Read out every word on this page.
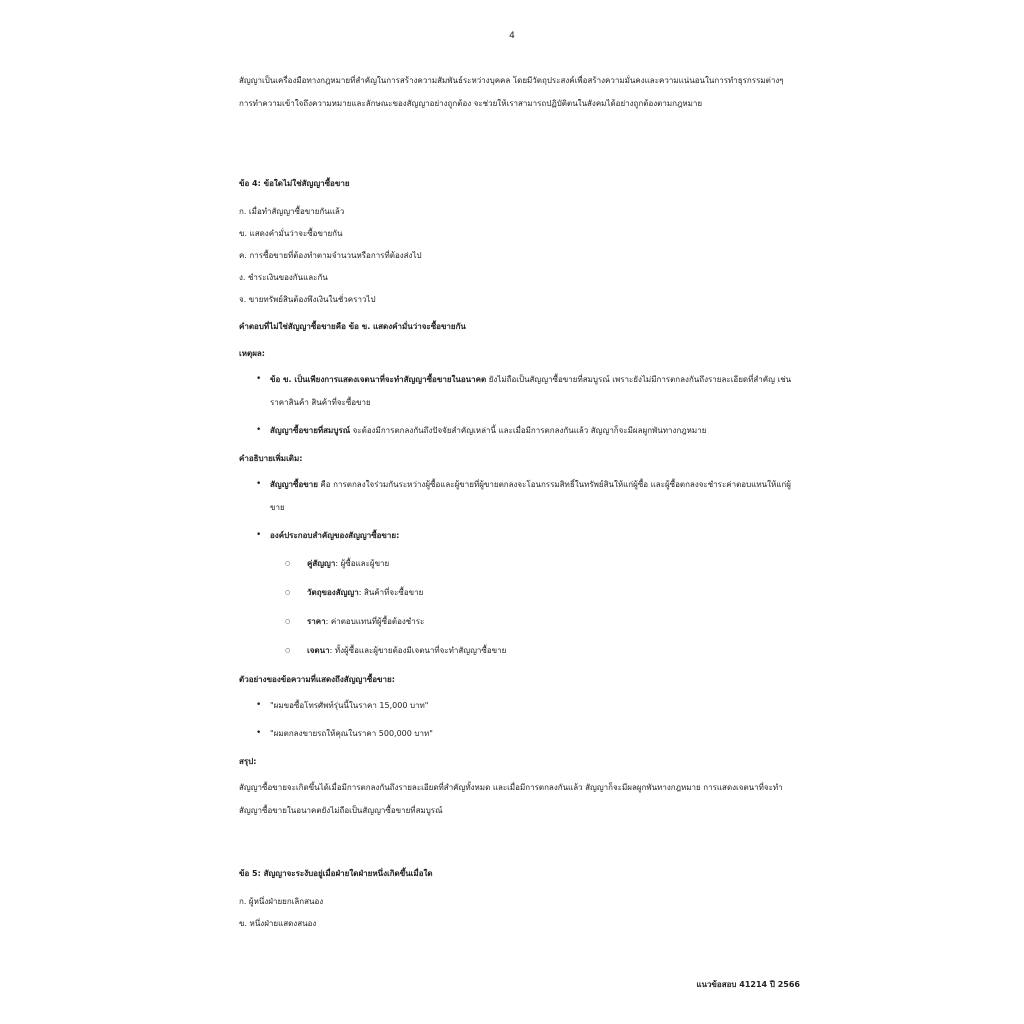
4

สัญญาเป็นเครื่องมือทางกฎหมายที่สำคัญในการสร้างความสัมพันธ์ระหว่างบุคคล โดยมีวัตถุประสงค์เพื่อสร้างความมั่นคงและความแน่นอนในการทำธุรกรรมต่างๆ การทำความเข้าใจถึงความหมายและลักษณะของสัญญาอย่างถูกต้อง จะช่วยให้เราสามารถปฏิบัติตนในสังคมได้อย่างถูกต้องตามกฎหมาย

ข้อ 4: ข้อใดไม่ใช่สัญญาซื้อขาย

ก. เมื่อทำสัญญาซื้อขายกันแล้ว

ข. แสดงคำมั่นว่าจะซื้อขายกัน

ค. การซื้อขายที่ต้องทำตามจำนวนหรือการที่ต้องส่งไป

ง. ชำระเงินของกันและกัน

จ. ขายทรัพย์สินต้องพึงเงินในชั่วคราวไป

คำตอบที่ไม่ใช่สัญญาซื้อขายคือ ข้อ ข. แสดงคำมั่นว่าจะซื้อขายกัน

เหตุผล:

• ข้อ ข. เป็นเพียงการแสดงเจตนาที่จะทำสัญญาซื้อขายในอนาคต ยังไม่ถือเป็นสัญญาซื้อขายที่สมบูรณ์ เพราะยังไม่มีการตกลงกันถึงรายละเอียดที่สำคัญ เช่น ราคาสินค้า สินค้าที่จะซื้อขาย
• สัญญาซื้อขายที่สมบูรณ์ จะต้องมีการตกลงกันถึงปัจจัยสำคัญเหล่านี้ และเมื่อมีการตกลงกันแล้ว สัญญาก็จะมีผลผูกพันทางกฎหมาย

คำอธิบายเพิ่มเติม:

• สัญญาซื้อขาย คือ การตกลงใจร่วมกันระหว่างผู้ซื้อและผู้ขายที่ผู้ขายตกลงจะโอนกรรมสิทธิ์ในทรัพย์สินให้แก่ผู้ซื้อ และผู้ซื้อตกลงจะชำระค่าตอบแทนให้แก่ผู้ขาย
• องค์ประกอบสำคัญของสัญญาซื้อขาย:
○ คู่สัญญา: ผู้ซื้อและผู้ขาย
○ วัตถุของสัญญา: สินค้าที่จะซื้อขาย
○ ราคา: ค่าตอบแทนที่ผู้ซื้อต้องชำระ
○ เจตนา: ทั้งผู้ซื้อและผู้ขายต้องมีเจตนาที่จะทำสัญญาซื้อขาย

ตัวอย่างของข้อความที่แสดงถึงสัญญาซื้อขาย:

• "ผมขอซื้อโทรศัพท์รุ่นนี้ในราคา 15,000 บาท"
• "ผมตกลงขายรถให้คุณในราคา 500,000 บาท"

สรุป:

สัญญาซื้อขายจะเกิดขึ้นได้เมื่อมีการตกลงกันถึงรายละเอียดที่สำคัญทั้งหมด และเมื่อมีการตกลงกันแล้ว สัญญาก็จะมีผลผูกพันทางกฎหมาย การแสดงเจตนาที่จะทำสัญญาซื้อขายในอนาคตยังไม่ถือเป็นสัญญาซื้อขายที่สมบูรณ์

ข้อ 5: สัญญาจะระงับอยู่เมื่อฝ่ายใดฝ่ายหนึ่งเกิดขึ้นเมื่อใด

ก. ผู้หนึ่งฝ่ายยกเลิกสนอง

ข. หนึ่งฝ่ายแสดงสนอง

แนวข้อสอบ 41214 ปี 2566
